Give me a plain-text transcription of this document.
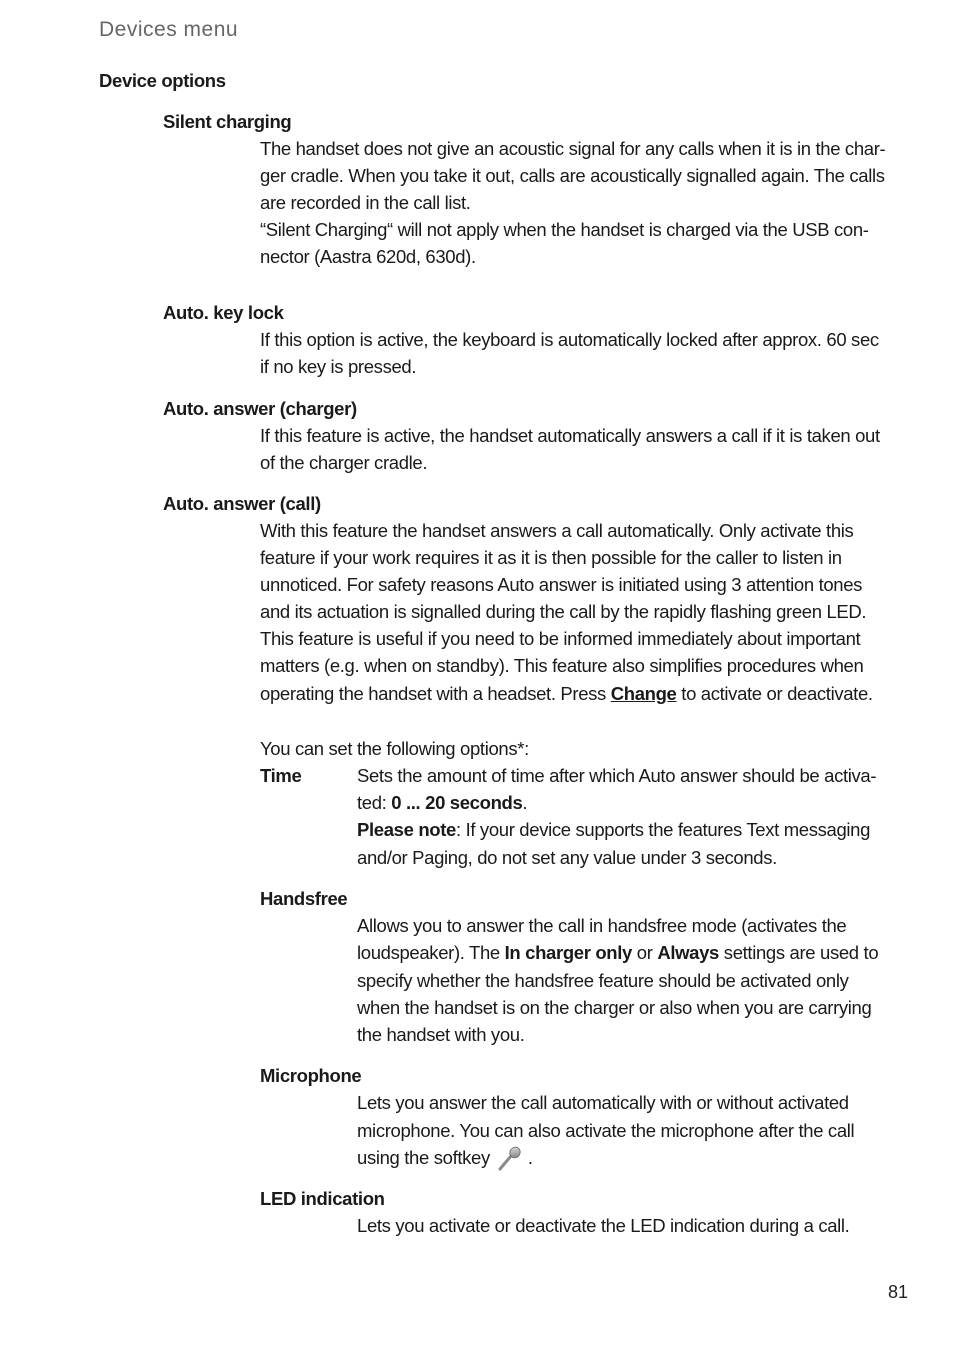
Devices menu
Device options
Silent charging
The handset does not give an acoustic signal for any calls when it is in the char-
ger cradle. When you take it out, calls are acoustically signalled again. The calls
are recorded in the call list.
“Silent Charging“ will not apply when the handset is charged via the USB con-
nector (Aastra 620d, 630d).
Auto. key lock
If this option is active, the keyboard is automatically locked after approx. 60 sec
if no key is pressed.
Auto. answer (charger)
If this feature is active, the handset automatically answers a call if it is taken out
of the charger cradle.
Auto. answer (call)
With this feature the handset answers a call automatically. Only activate this
feature if your work requires it as it is then possible for the caller to listen in
unnoticed. For safety reasons Auto answer is initiated using 3 attention tones
and its actuation is signalled during the call by the rapidly flashing green LED.
This feature is useful if you need to be informed immediately about important
matters (e.g. when on standby). This feature also simplifies procedures when
operating the handset with a headset. Press Change to activate or deactivate.
You can set the following options*:
Time	Sets the amount of time after which Auto answer should be activa-
ted: 0 ... 20 seconds.
Please note: If your device supports the features Text messaging
and/or Paging, do not set any value under 3 seconds.
Handsfree
Allows you to answer the call in handsfree mode (activates the
loudspeaker). The In charger only or Always settings are used to
specify whether the handsfree feature should be activated only
when the handset is on the charger or also when you are carrying
the handset with you.
Microphone
Lets you answer the call automatically with or without activated
microphone. You can also activate the microphone after the call
using the softkey .
LED indication
Lets you activate or deactivate the LED indication during a call.
81
